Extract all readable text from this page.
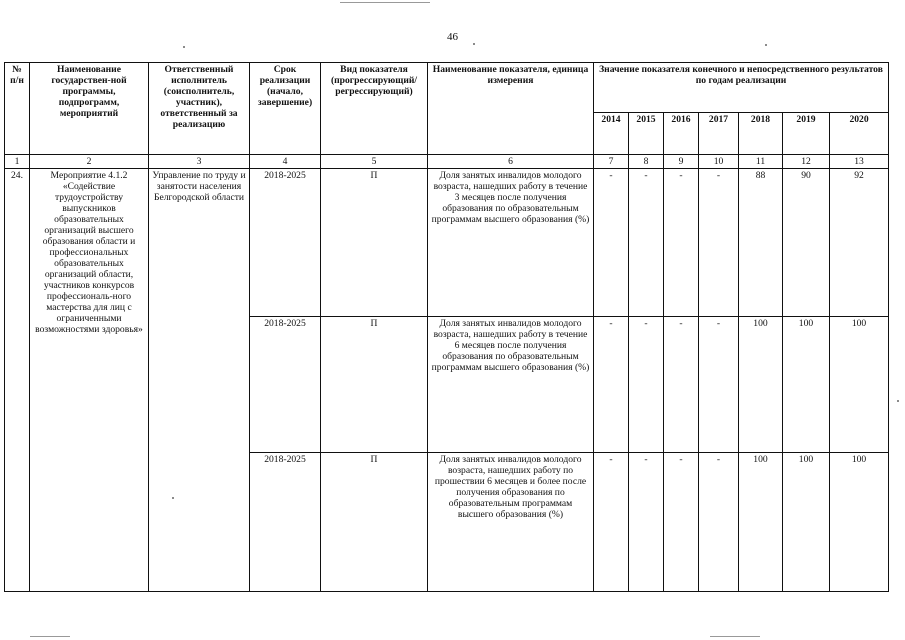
46
№ п/н	Наименование государствен-ной программы, подпрограмм, мероприятий	Ответственный исполнитель (соисполнитель, участник), ответственный за реализацию	Срок реализации (начало, завершение)	Вид показателя (прогрессирующий/ регрессирующий)	Наименование показателя, единица измерения	Значение показателя конечного и непосредственного результатов по годам реализации						
						2014	2015	2016	2017	2018	2019	2020
1	2	3	4	5	6	7	8	9	10	11	12	13
24.	Мероприятие 4.1.2 «Содействие трудоустройству выпускников образовательных организаций высшего образования области и профессиональных образовательных организаций области, участников конкурсов профессиональ-ного мастерства для лиц с ограниченными возможностями здоровья»	Управление по труду и занятости населения Белгородской области	2018-2025	П	Доля занятых инвалидов молодого возраста, нашедших работу в течение 3 месяцев после получения образования по образовательным программам высшего образования (%)	-	-	-	-	88	90	92
			2018-2025	П	Доля занятых инвалидов молодого возраста, нашедших работу в течение 6 месяцев после получения образования по образовательным программам высшего образования (%)	-	-	-	-	100	100	100
			2018-2025	П	Доля занятых инвалидов молодого возраста, нашедших работу по прошествии 6 месяцев и более после получения образования по образовательным программам высшего образования (%)	-	-	-	-	100	100	100
